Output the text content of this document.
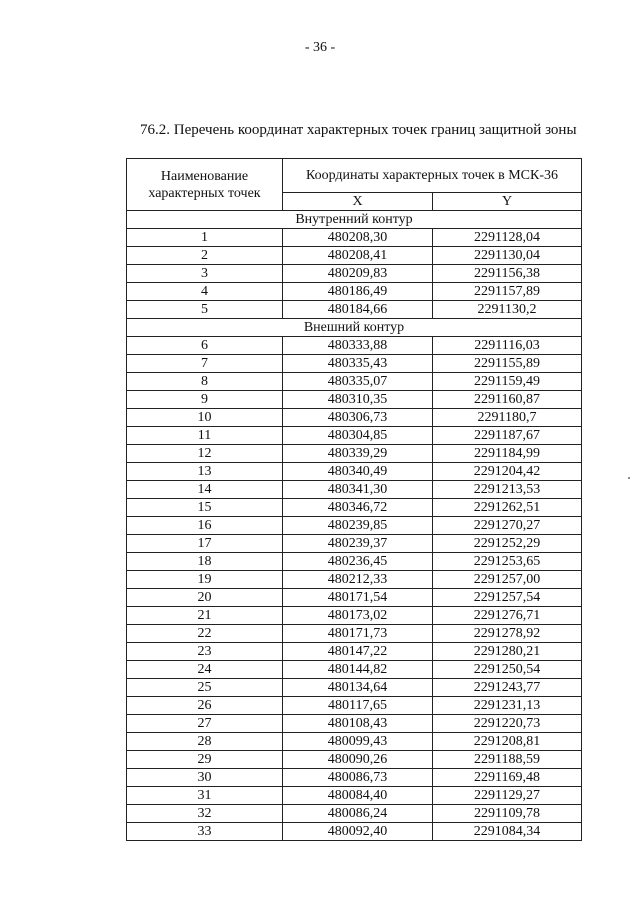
- 36 -
76.2. Перечень координат характерных точек границ защитной зоны
Наименование характерных точек	Координаты характерных точек в МСК-36	
	X	Y
Внутренний контур		
1	480208,30	2291128,04
2	480208,41	2291130,04
3	480209,83	2291156,38
4	480186,49	2291157,89
5	480184,66	2291130,2
Внешний контур		
6	480333,88	2291116,03
7	480335,43	2291155,89
8	480335,07	2291159,49
9	480310,35	2291160,87
10	480306,73	2291180,7
11	480304,85	2291187,67
12	480339,29	2291184,99
13	480340,49	2291204,42
14	480341,30	2291213,53
15	480346,72	2291262,51
16	480239,85	2291270,27
17	480239,37	2291252,29
18	480236,45	2291253,65
19	480212,33	2291257,00
20	480171,54	2291257,54
21	480173,02	2291276,71
22	480171,73	2291278,92
23	480147,22	2291280,21
24	480144,82	2291250,54
25	480134,64	2291243,77
26	480117,65	2291231,13
27	480108,43	2291220,73
28	480099,43	2291208,81
29	480090,26	2291188,59
30	480086,73	2291169,48
31	480084,40	2291129,27
32	480086,24	2291109,78
33	480092,40	2291084,34
